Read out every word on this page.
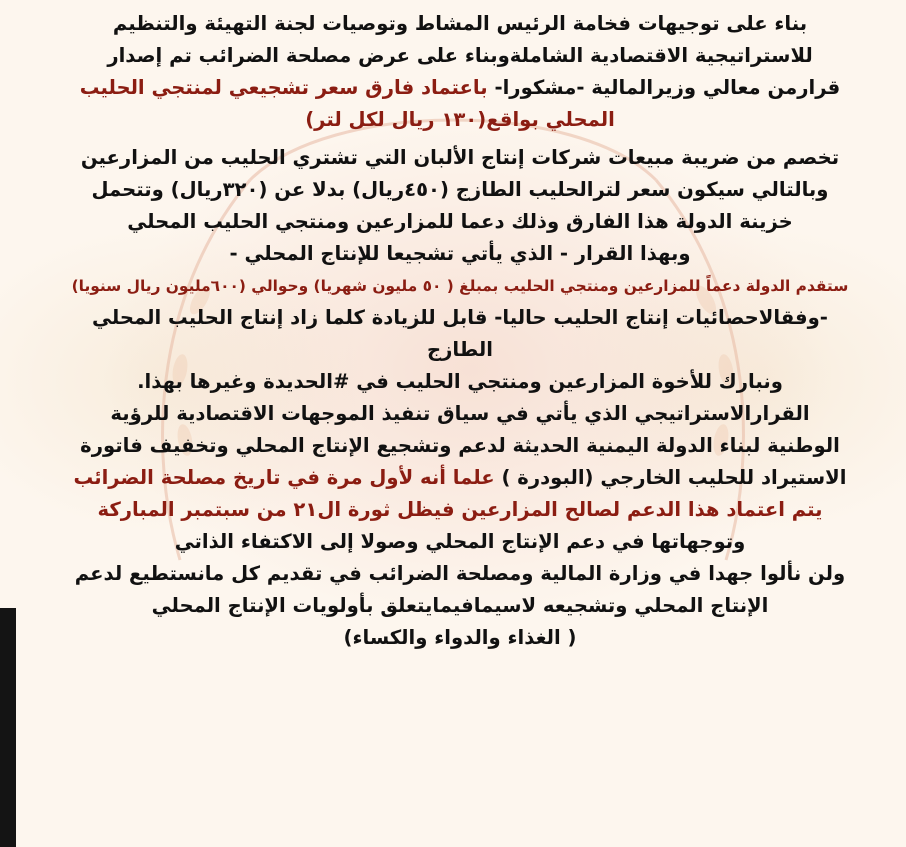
بناء على توجيهات فخامة الرئيس المشاط وتوصيات لجنة التهيئة والتنظيم
للاستراتيجية الاقتصادية الشاملةوبناء على عرض مصلحة الضرائب تم إصدار
قرارمن معالي وزيرالمالية -مشكورا- باعتماد فارق سعر تشجيعي لمنتجي الحليب
المحلي بواقع(١٣٠ ريال لكل لتر)
تخصم من ضريبة مبيعات شركات إنتاج الألبان التي تشتري الحليب من المزارعين
وبالتالي سيكون سعر لترالحليب الطازج (٤٥٠ريال) بدلا عن (٣٢٠ريال) وتتحمل
خزينة الدولة هذا الفارق وذلك دعما للمزارعين ومنتجي الحليب المحلي
وبهذا القرار - الذي يأتي تشجيعا للإنتاج المحلي -
ستقدم الدولة دعماً للمزارعين ومنتجي الحليب بمبلغ ( ٥٠ مليون شهريا) وحوالي (٦٠٠مليون ريال سنويا)
-وفقالاحصائيات إنتاج الحليب حاليا- قابل للزيادة كلما زاد إنتاج الحليب المحلي
الطازج
ونبارك للأخوة المزارعين ومنتجي الحليب في #الحديدة وغيرها بهذا.
القرارالاستراتيجي الذي يأتي في سياق تنفيذ الموجهات الاقتصادية للرؤية
الوطنية لبناء الدولة اليمنية الحديثة لدعم وتشجيع الإنتاج المحلي وتخفيف فاتورة
الاستيراد للحليب الخارجي (البودرة ) علما أنه لأول مرة في تاريخ مصلحة الضرائب
يتم اعتماد هذا الدعم لصالح المزارعين فيظل ثورة ال٢١ من سبتمبر المباركة
وتوجهاتها في دعم الإنتاج المحلي وصولا إلى الاكتفاء الذاتي
ولن نألوا جهدا في وزارة المالية ومصلحة الضرائب في تقديم كل مانستطيع لدعم
الإنتاج المحلي وتشجيعه لاسيمافيمايتعلق بأولويات الإنتاج المحلي
( الغذاء والدواء والكساء)
